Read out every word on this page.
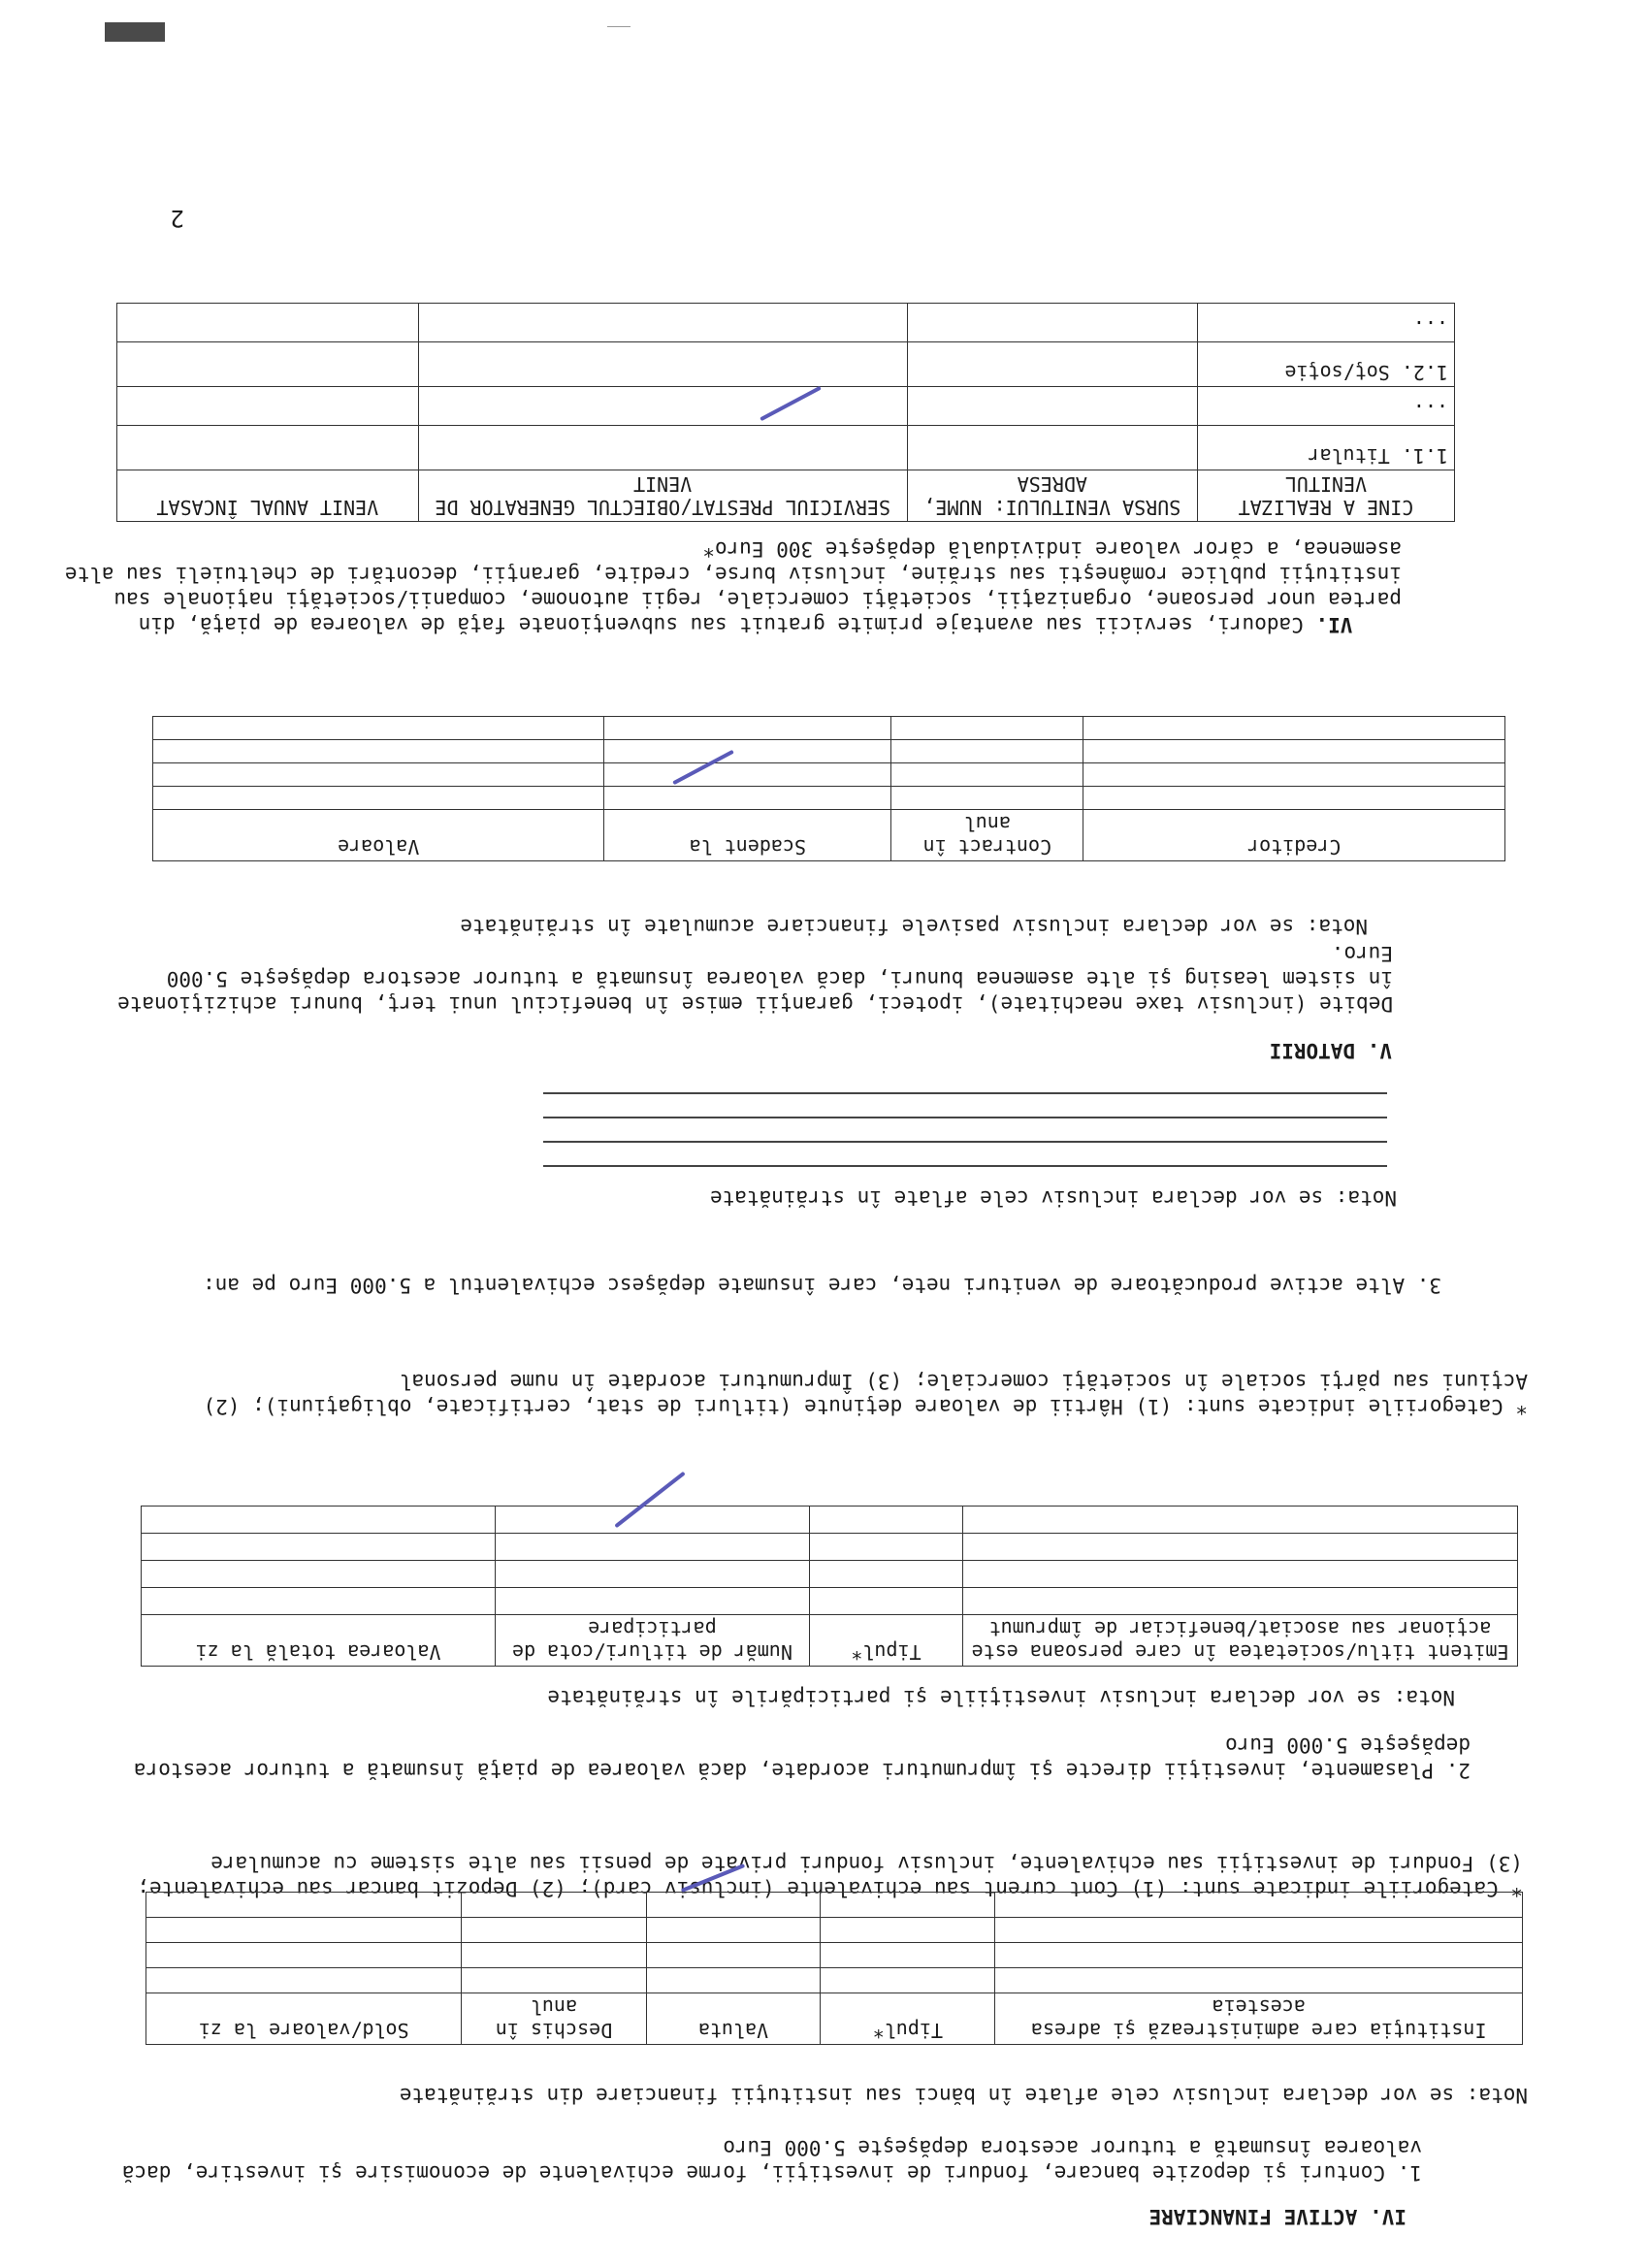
2
CINE A REALIZAT VENITUL	SURSA VENITULUI: NUME, ADRESA	SERVICIUL PRESTAT/OBIECTUL GENERATOR DE VENIT	VENIT ANUAL ÎNCASAT
1.1. Titular			
...			
1.2. Soţ/soţie			
...			

VI. Cadouri, servicii sau avantaje primite gratuit sau subvenţionate faţă de valoarea de piaţă, din partea unor persoane, organizaţii, societăţi comerciale, regii autonome, companii/societăţi naţionale sau instituţii publice româneşti sau străine, inclusiv burse, credite, garanţii, decontări de cheltuieli sau alte asemenea, a căror valoare individuală depăşeşte 300 Euro*

Creditor	Contract în anul	Scadent la	Valoare

Nota: se vor declara inclusiv pasivele financiare acumulate în străinătate
Debite (inclusiv taxe neachitate), ipoteci, garanţii emise în beneficiul unui terţ, bunuri achiziţionate în sistem leasing şi alte asemenea bunuri, dacă valoarea însumată a tuturor acestora depăşeşte 5.000 Euro.
V. DATORII
Nota: se vor declara inclusiv cele aflate în străinătate
3. Alte active producătoare de venituri nete, care însumate depăşesc echivalentul a 5.000 Euro pe an:
* Categoriile indicate sunt: (1) Hârtii de valoare deţinute (titluri de stat, certificate, obligaţiuni); (2) Acţiuni sau părţi sociale în societăţi comerciale; (3) Împrumuturi acordate în nume personal
Emitent titlu/societatea în care persoana este acţionar sau asociat/beneficiar de împrumut	Tipul*	Număr de titluri/cota de participare	Valoarea totală la zi

Nota: se vor declara inclusiv investiţiile şi participările în străinătate
2. Plasamente, investiţii directe şi împrumuturi acordate, dacă valoarea de piaţă însumată a tuturor acestora depăşeşte 5.000 Euro
* Categoriile indicate sunt: (1) Cont curent sau echivalente (inclusiv card); (2) Depozit bancar sau echivalente; (3) Fonduri de investiţii sau echivalente, inclusiv fonduri private de pensii sau alte sisteme cu acumulare
Instituţia care administrează şi adresa acesteia	Tipul*	Valuta	Deschis în anul	Sold/valoare la zi

Nota: se vor declara inclusiv cele aflate în bănci sau instituţii financiare din străinătate
1. Conturi şi depozite bancare, fonduri de investiţii, forme echivalente de economisire şi investire, dacă valoarea însumată a tuturor acestora depăşeşte 5.000 Euro
IV. ACTIVE FINANCIARE
